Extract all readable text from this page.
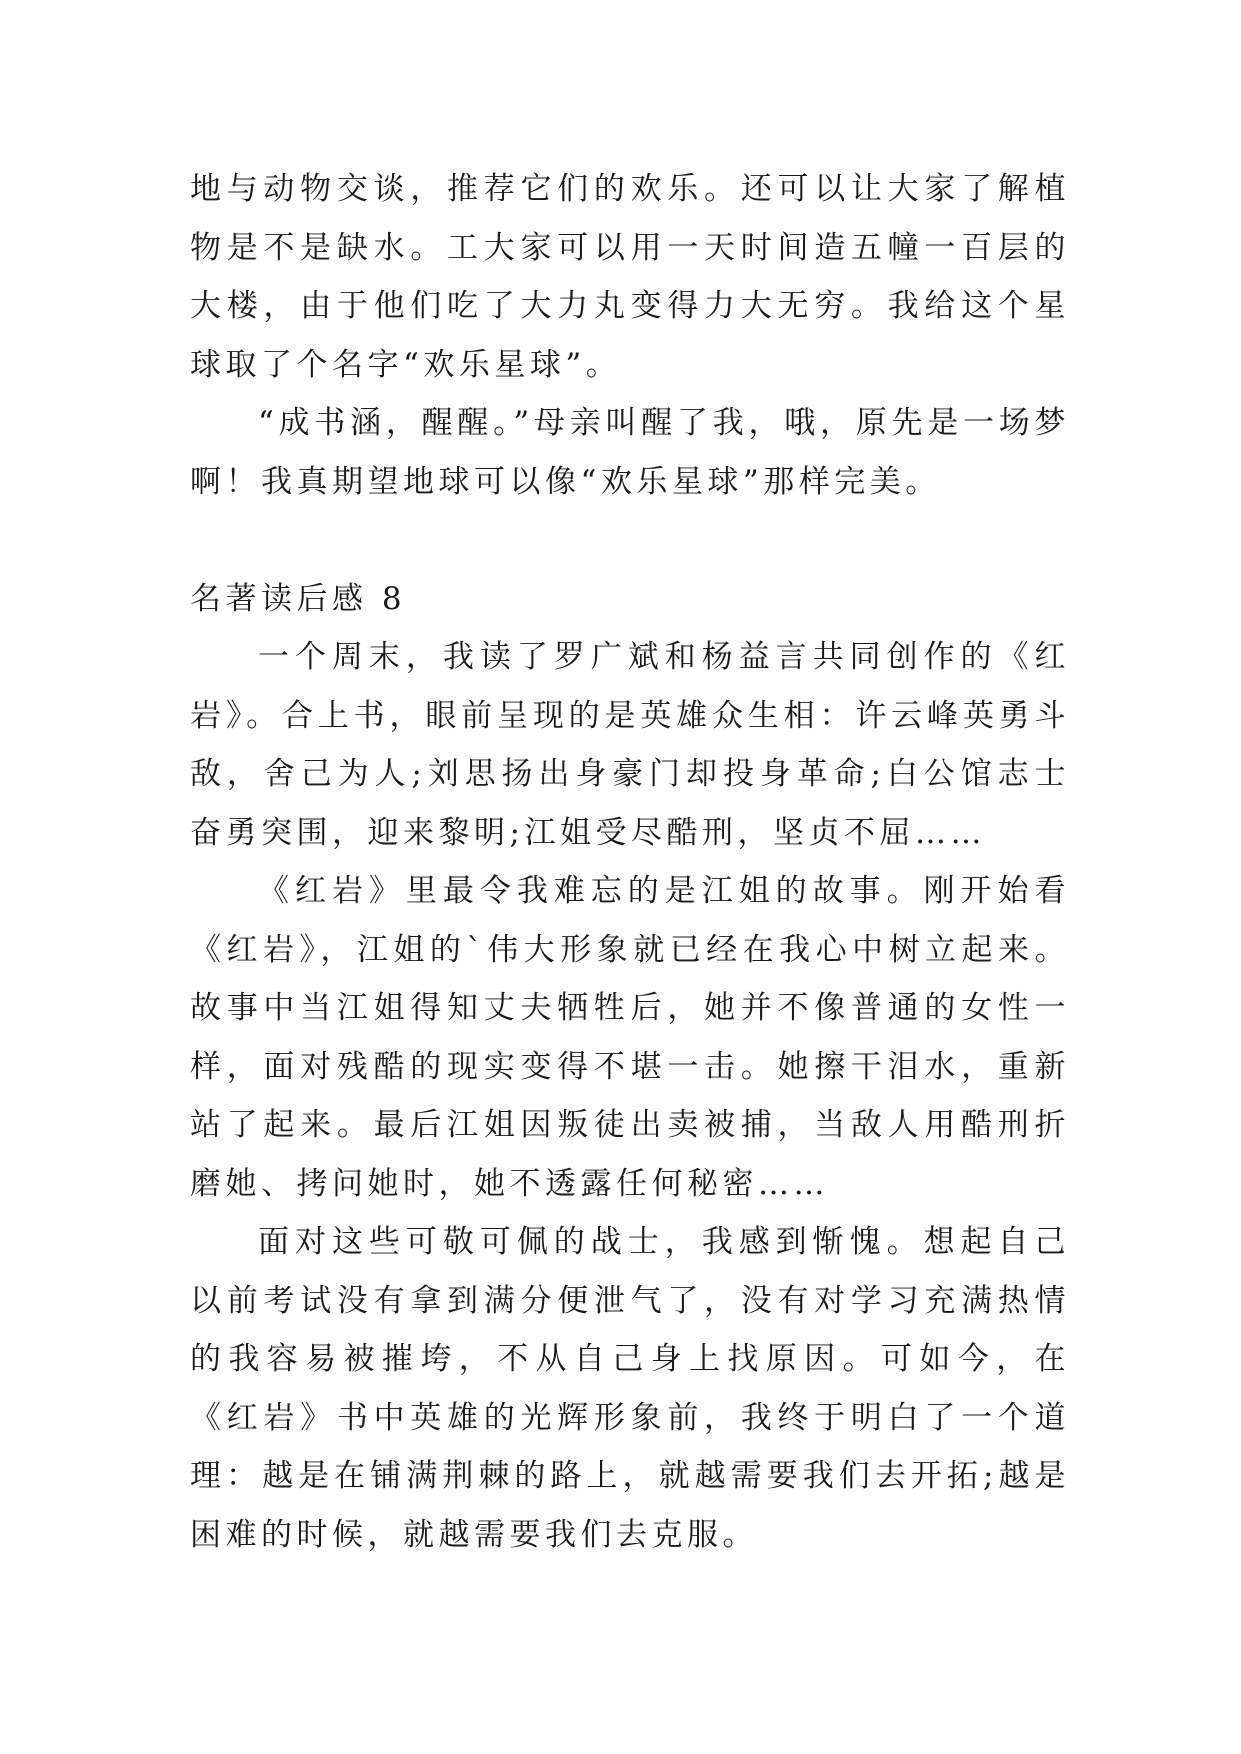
地与动物交谈，推荐它们的欢乐。还可以让大家了解植物是不是缺水。工大家可以用一天时间造五幢一百层的大楼，由于他们吃了大力丸变得力大无穷。我给这个星球取了个名字“欢乐星球”。

“成书涵，醒醒。”母亲叫醒了我，哦，原先是一场梦啊！我真期望地球可以像“欢乐星球”那样完美。

名著读后感 8

一个周末，我读了罗广斌和杨益言共同创作的《红岩》。合上书，眼前呈现的是英雄众生相：许云峰英勇斗敌，舍己为人;刘思扬出身豪门却投身革命;白公馆志士奋勇突围，迎来黎明;江姐受尽酷刑，坚贞不屈……

《红岩》里最令我难忘的是江姐的故事。刚开始看《红岩》，江姐的`伟大形象就已经在我心中树立起来。故事中当江姐得知丈夫牺牲后，她并不像普通的女性一样，面对残酷的现实变得不堪一击。她擦干泪水，重新站了起来。最后江姐因叛徒出卖被捕，当敌人用酷刑折磨她、拷问她时，她不透露任何秘密……

面对这些可敬可佩的战士，我感到惭愧。想起自己以前考试没有拿到满分便泄气了，没有对学习充满热情的我容易被摧垮，不从自己身上找原因。可如今，在《红岩》书中英雄的光辉形象前，我终于明白了一个道理：越是在铺满荆棘的路上，就越需要我们去开拓;越是困难的时候，就越需要我们去克服。
